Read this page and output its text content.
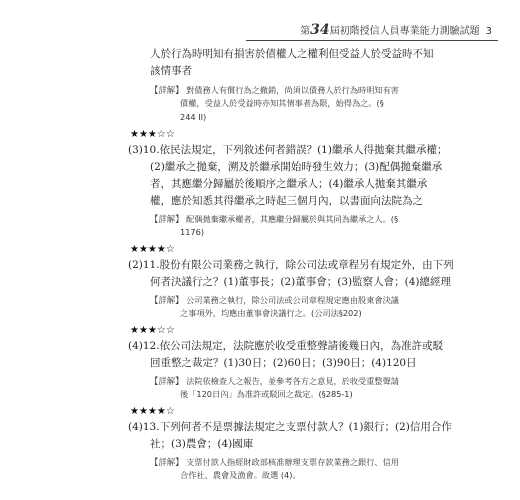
第34屆初階授信人員專業能力測驗試題 3
人於行為時明知有損害於債權人之權利但受益人於受益時不知
該情事者
【詳解】 對債務人有償行為之撤銷，尚須以債務人於行為時明知有害
債權，受益人於受益時亦知其情事者為限，始得為之。(§
244 II)
★★★☆☆
(3)10.依民法規定，下列敘述何者錯誤？(1)繼承人得拋棄其繼承權；
(2)繼承之拋棄，溯及於繼承開始時發生效力；(3)配偶拋棄繼承
者，其應繼分歸屬於後順序之繼承人；(4)繼承人拋棄其繼承
權，應於知悉其得繼承之時起三個月內，以書面向法院為之
【詳解】 配偶拋棄繼承權者，其應繼分歸屬於與其同為繼承之人。(§
1176)
★★★★☆
(2)11.股份有限公司業務之執行，除公司法或章程另有規定外，由下列
何者決議行之？(1)董事長；(2)董事會；(3)監察人會；(4)總經理
【詳解】 公司業務之執行，除公司法或公司章程規定應由股東會決議
之事項外，均應由董事會決議行之。(公司法§202)
★★★☆☆
(4)12.依公司法規定，法院應於收受重整聲請後幾日內，為准許或駁
回重整之裁定？(1)30日；(2)60日；(3)90日；(4)120日
【詳解】 法院依檢查人之報告，並參考各方之意見，於收受重整聲請
後「120日內」為准許或駁回之裁定。(§285-1)
★★★★☆
(4)13.下列何者不是票據法規定之支票付款人？(1)銀行；(2)信用合作
社；(3)農會；(4)國庫
【詳解】 支票付款人指經財政部核准辦理支票存款業務之銀行、信用
合作社、農會及漁會。故選 (4)。
